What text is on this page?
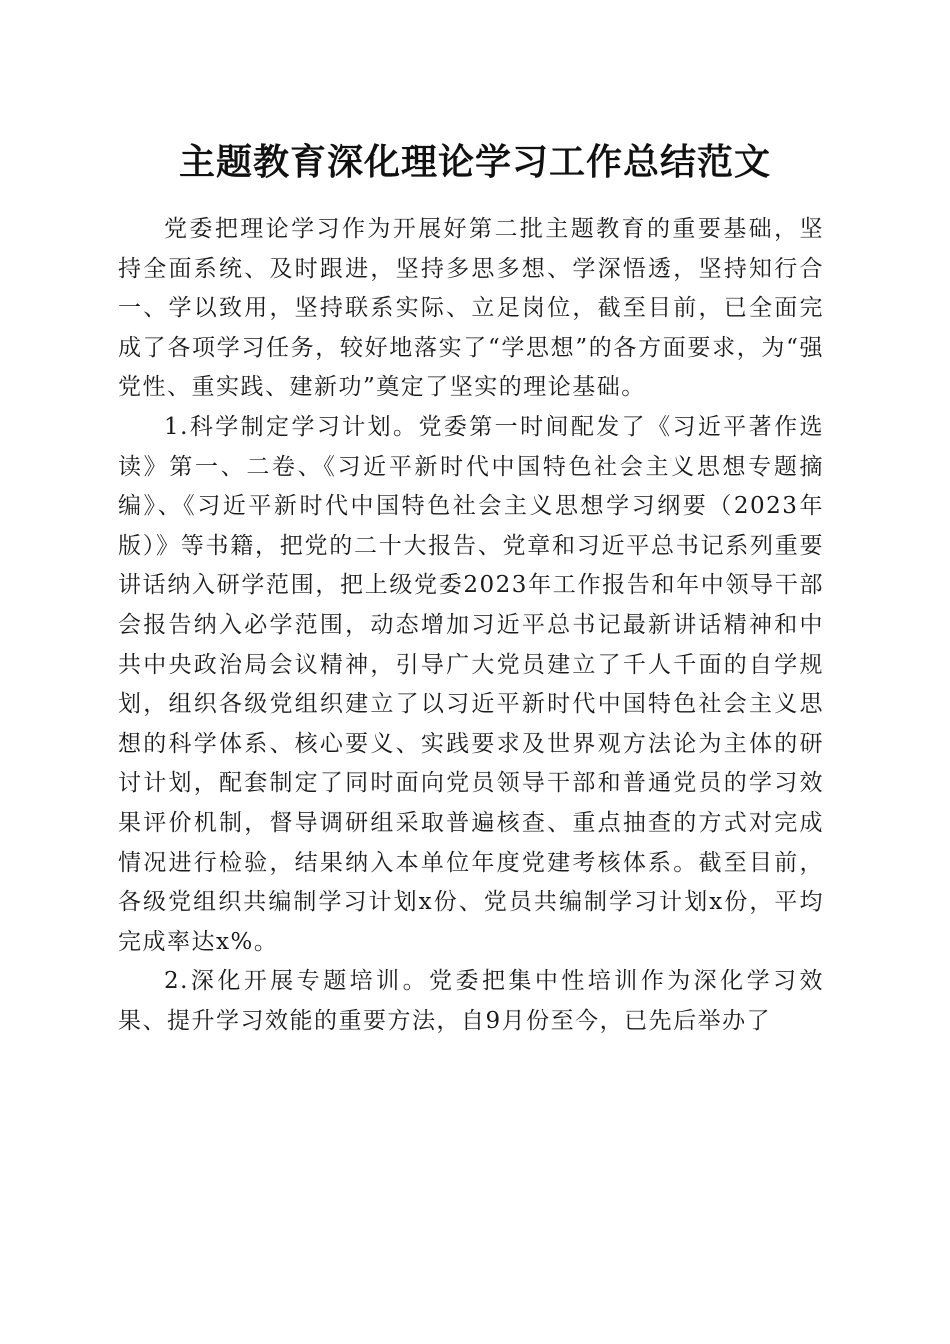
主题教育深化理论学习工作总结范文

党委把理论学习作为开展好第二批主题教育的重要基础，坚持全面系统、及时跟进，坚持多思多想、学深悟透，坚持知行合一、学以致用，坚持联系实际、立足岗位，截至目前，已全面完成了各项学习任务，较好地落实了“学思想”的各方面要求，为“强党性、重实践、建新功”奠定了坚实的理论基础。

1.科学制定学习计划。党委第一时间配发了《习近平著作选读》第一、二卷、《习近平新时代中国特色社会主义思想专题摘编》、《习近平新时代中国特色社会主义思想学习纲要（2023年版）》等书籍，把党的二十大报告、党章和习近平总书记系列重要讲话纳入研学范围，把上级党委2023年工作报告和年中领导干部会报告纳入必学范围，动态增加习近平总书记最新讲话精神和中共中央政治局会议精神，引导广大党员建立了千人千面的自学规划，组织各级党组织建立了以习近平新时代中国特色社会主义思想的科学体系、核心要义、实践要求及世界观方法论为主体的研讨计划，配套制定了同时面向党员领导干部和普通党员的学习效果评价机制，督导调研组采取普遍核查、重点抽查的方式对完成情况进行检验，结果纳入本单位年度党建考核体系。截至目前，各级党组织共编制学习计划x份、党员共编制学习计划x份，平均完成率达x%。

2.深化开展专题培训。党委把集中性培训作为深化学习效果、提升学习效能的重要方法，自9月份至今，已先后举办了
